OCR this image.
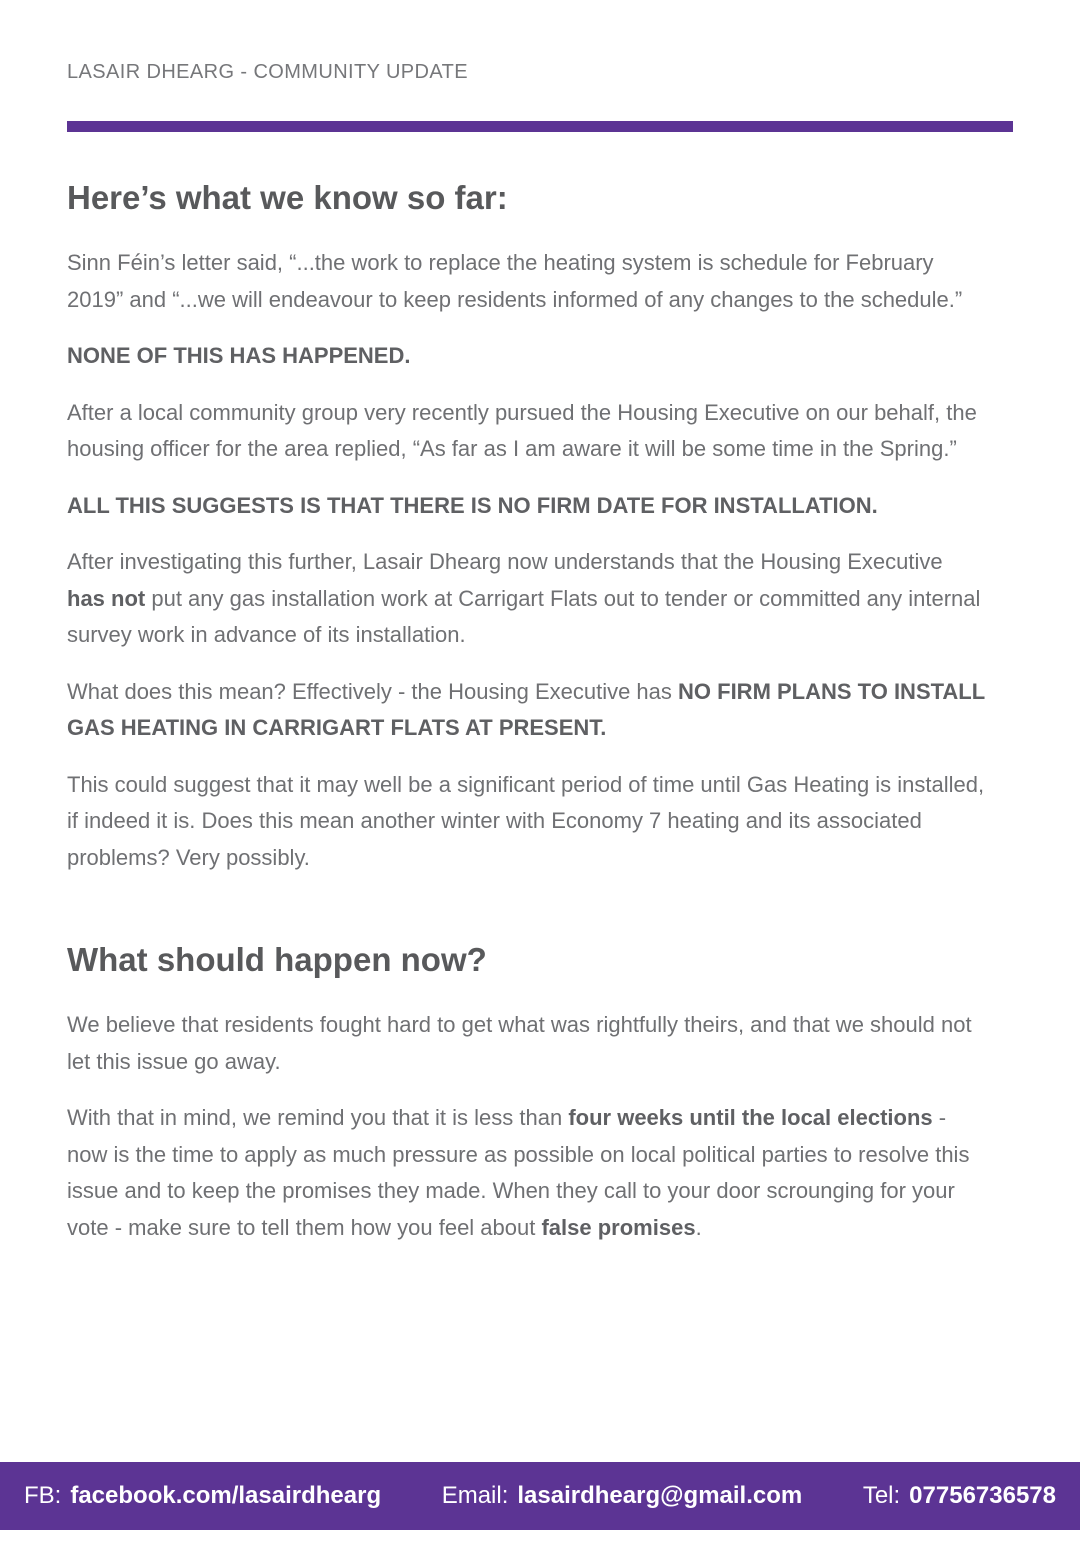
LASAIR DHEARG - COMMUNITY UPDATE
Here’s what we know so far:

Sinn Féin’s letter said, “...the work to replace the heating system is schedule for February 2019” and “...we will endeavour to keep residents informed of any changes to the schedule.”

NONE OF THIS HAS HAPPENED.

After a local community group very recently pursued the Housing Executive on our behalf, the housing officer for the area replied, “As far as I am aware it will be some time in the Spring.”

ALL THIS SUGGESTS IS THAT THERE IS NO FIRM DATE FOR INSTALLATION.

After investigating this further, Lasair Dhearg now understands that the Housing Executive has not put any gas installation work at Carrigart Flats out to tender or committed any internal survey work in advance of its installation.

What does this mean? Effectively - the Housing Executive has NO FIRM PLANS TO INSTALL GAS HEATING IN CARRIGART FLATS AT PRESENT.

This could suggest that it may well be a significant period of time until Gas Heating is installed, if indeed it is. Does this mean another winter with Economy 7 heating and its associated problems? Very possibly.

What should happen now?

We believe that residents fought hard to get what was rightfully theirs, and that we should not let this issue go away.

With that in mind, we remind you that it is less than four weeks until the local elections - now is the time to apply as much pressure as possible on local political parties to resolve this issue and to keep the promises they made. When they call to your door scrounging for your vote - make sure to tell them how you feel about false promises.

FB: facebook.com/lasairdhearg	Email: lasairdhearg@gmail.com	Tel: 07756736578
